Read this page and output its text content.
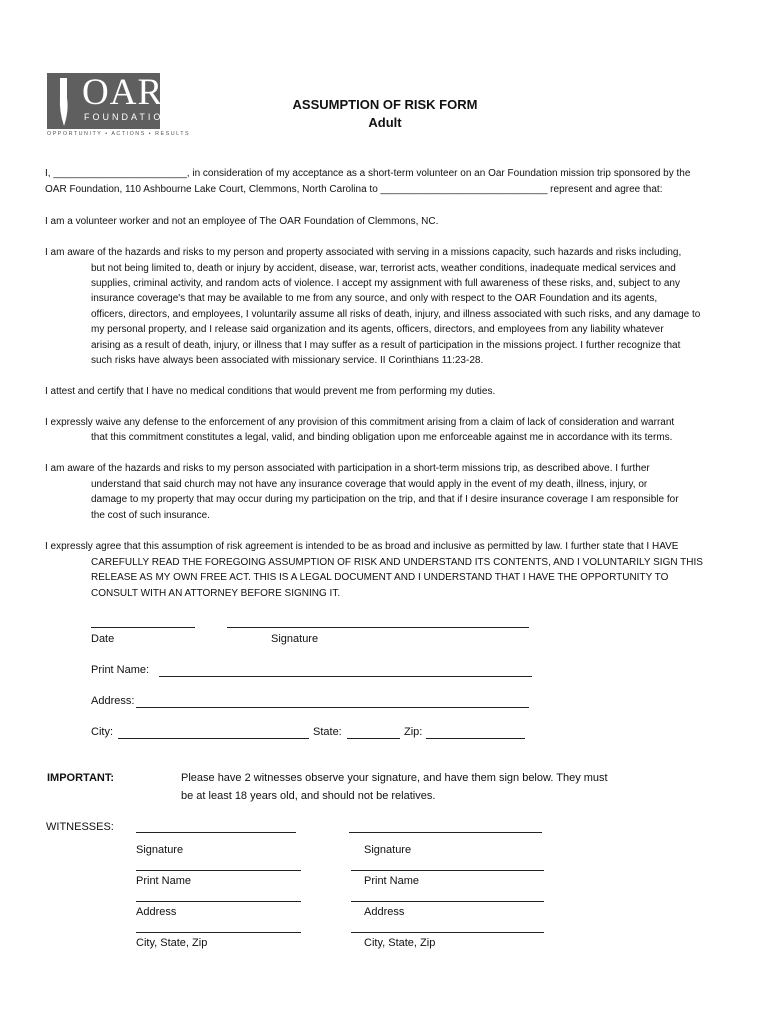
OAR
FOUNDATION
OPPORTUNITY • ACTIONS • RESULTS
ASSUMPTION OF RISK FORM
Adult
I, ________________________, in consideration of my acceptance as a short-term volunteer on an Oar Foundation mission trip sponsored by the
OAR Foundation, 110 Ashbourne Lake Court, Clemmons, North Carolina to ______________________________ represent and agree that:
I am a volunteer worker and not an employee of The OAR Foundation of Clemmons, NC.
I am aware of the hazards and risks to my person and property associated with serving in a missions capacity, such hazards and risks including,
but not being limited to, death or injury by accident, disease, war, terrorist acts, weather conditions, inadequate medical services and
supplies, criminal activity, and random acts of violence. I accept my assignment with full awareness of these risks, and, subject to any
insurance coverage's that may be available to me from any source, and only with respect to the OAR Foundation and its agents,
officers, directors, and employees, I voluntarily assume all risks of death, injury, and illness associated with such risks, and any damage to
my personal property, and I release said organization and its agents, officers, directors, and employees from any liability whatever
arising as a result of death, injury, or illness that I may suffer as a result of participation in the missions project. I further recognize that
such risks have always been associated with missionary service. II Corinthians 11:23-28.
I attest and certify that I have no medical conditions that would prevent me from performing my duties.
I expressly waive any defense to the enforcement of any provision of this commitment arising from a claim of lack of consideration and warrant
that this commitment constitutes a legal, valid, and binding obligation upon me enforceable against me in accordance with its terms.
I am aware of the hazards and risks to my person associated with participation in a short-term missions trip, as described above. I further
understand that said church may not have any insurance coverage that would apply in the event of my death, illness, injury, or
damage to my property that may occur during my participation on the trip, and that if I desire insurance coverage I am responsible for
the cost of such insurance.
I expressly agree that this assumption of risk agreement is intended to be as broad and inclusive as permitted by law. I further state that I HAVE
CAREFULLY READ THE FOREGOING ASSUMPTION OF RISK AND UNDERSTAND ITS CONTENTS, AND I VOLUNTARILY SIGN THIS
RELEASE AS MY OWN FREE ACT. THIS IS A LEGAL DOCUMENT AND I UNDERSTAND THAT I HAVE THE OPPORTUNITY TO
CONSULT WITH AN ATTORNEY BEFORE SIGNING IT.
Date	Signature
Print Name:
Address:
City:	State:	Zip:
IMPORTANT:	Please have 2 witnesses observe your signature, and have them sign below. They must
be at least 18 years old, and should not be relatives.
WITNESSES:
Signature	Signature
Print Name	Print Name
Address	Address
City, State, Zip	City, State, Zip
